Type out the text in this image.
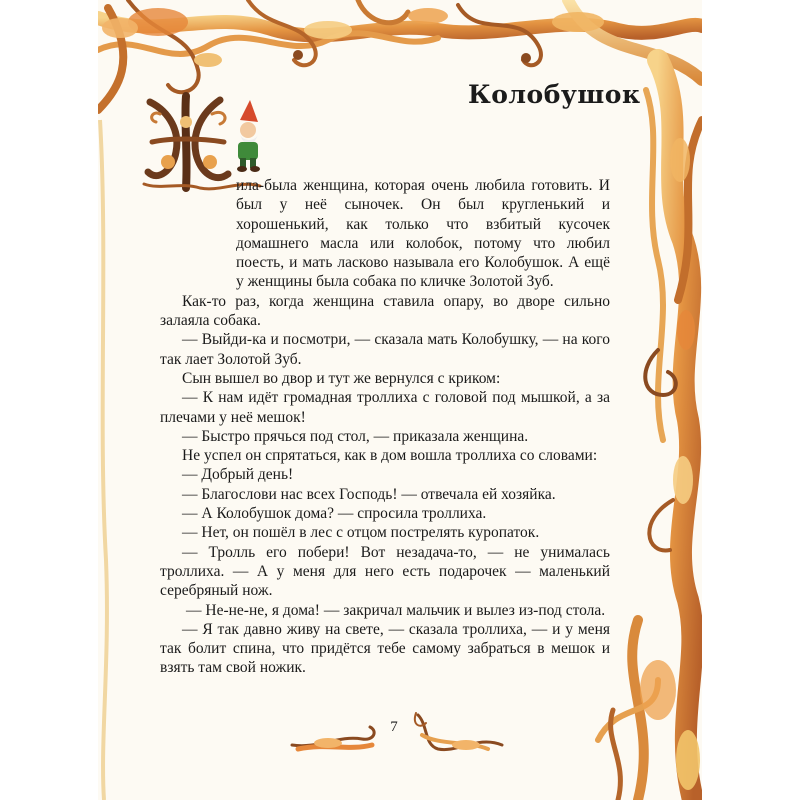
Колобушок

ила-была женщина, которая очень любила готовить. И был у неё сыночек. Он был кругленький и хорошенький, как только что взбитый кусочек домашнего масла или колобок, потому что любил поесть, и мать ласково называла его Колобушок. А ещё у женщины была собака по кличке Золотой Зуб.

Как-то раз, когда женщина ставила опару, во дворе сильно залаяла собака.

— Выйди-ка и посмотри, — сказала мать Колобушку, — на кого так лает Золотой Зуб.

Сын вышел во двор и тут же вернулся с криком:

— К нам идёт громадная троллиха с головой под мышкой, а за плечами у неё мешок!

— Быстро прячься под стол, — приказала женщина.

Не успел он спрятаться, как в дом вошла троллиха со словами:

— Добрый день!

— Благослови нас всех Господь! — отвечала ей хозяйка.

— А Колобушок дома? — спросила троллиха.

— Нет, он пошёл в лес с отцом пострелять куропаток.

— Тролль его побери! Вот незадача-то, — не унималась троллиха. — А у меня для него есть подарочек — маленький серебряный нож.

— Не-не-не, я дома! — закричал мальчик и вылез из-под стола.

— Я так давно живу на свете, — сказала троллиха, — и у меня так болит спина, что придётся тебе самому забраться в мешок и взять там свой ножик.

7
